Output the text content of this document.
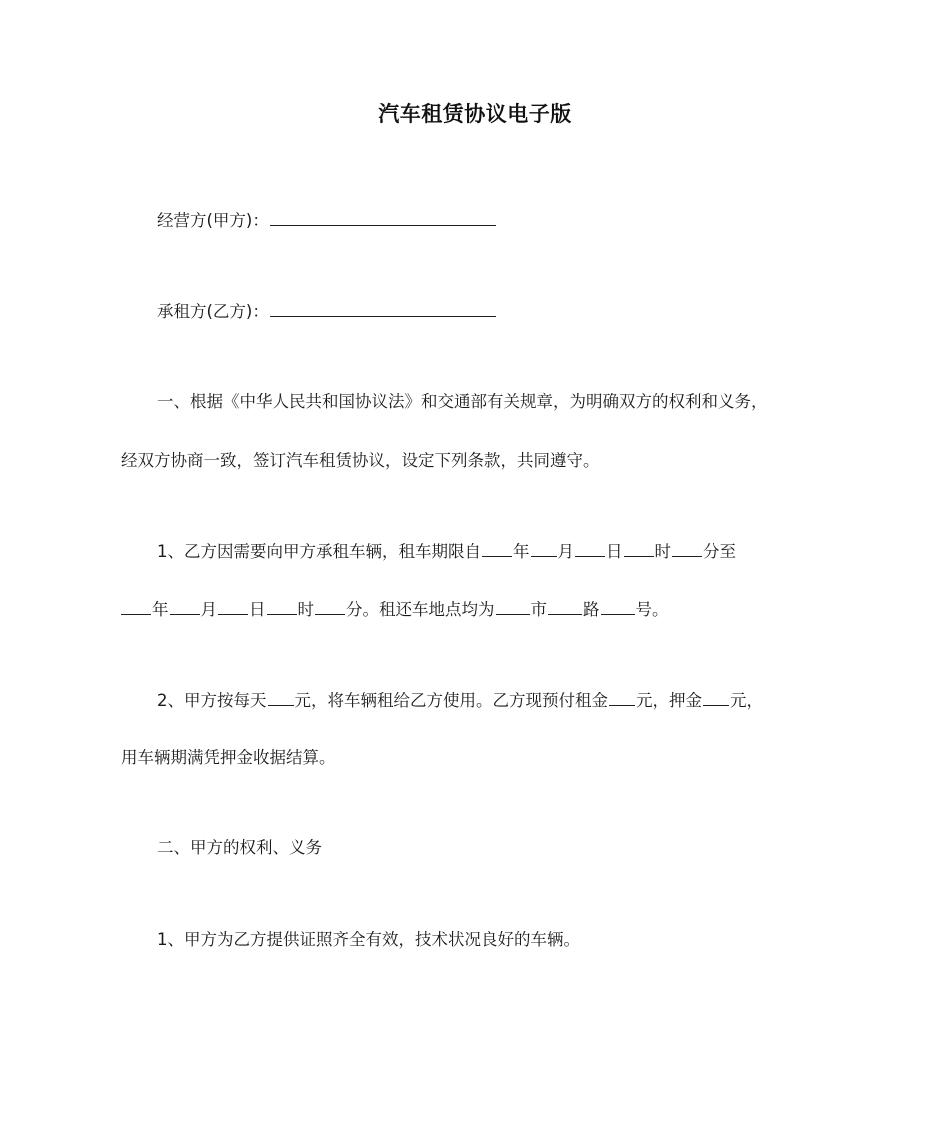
汽车租赁协议电子版
经营方(甲方)：
承租方(乙方)：
一、根据《中华人民共和国协议法》和交通部有关规章，为明确双方的权利和义务，
经双方协商一致，签订汽车租赁协议，设定下列条款，共同遵守。
1、乙方因需要向甲方承租车辆，租车期限自 年 月 日 时 分至
年 月 日 时 分。租还车地点均为 市 路 号。
2、甲方按每天 元，将车辆租给乙方使用。乙方现预付租金 元，押金 元，
用车辆期满凭押金收据结算。
二、甲方的权利、义务
1、甲方为乙方提供证照齐全有效，技术状况良好的车辆。
